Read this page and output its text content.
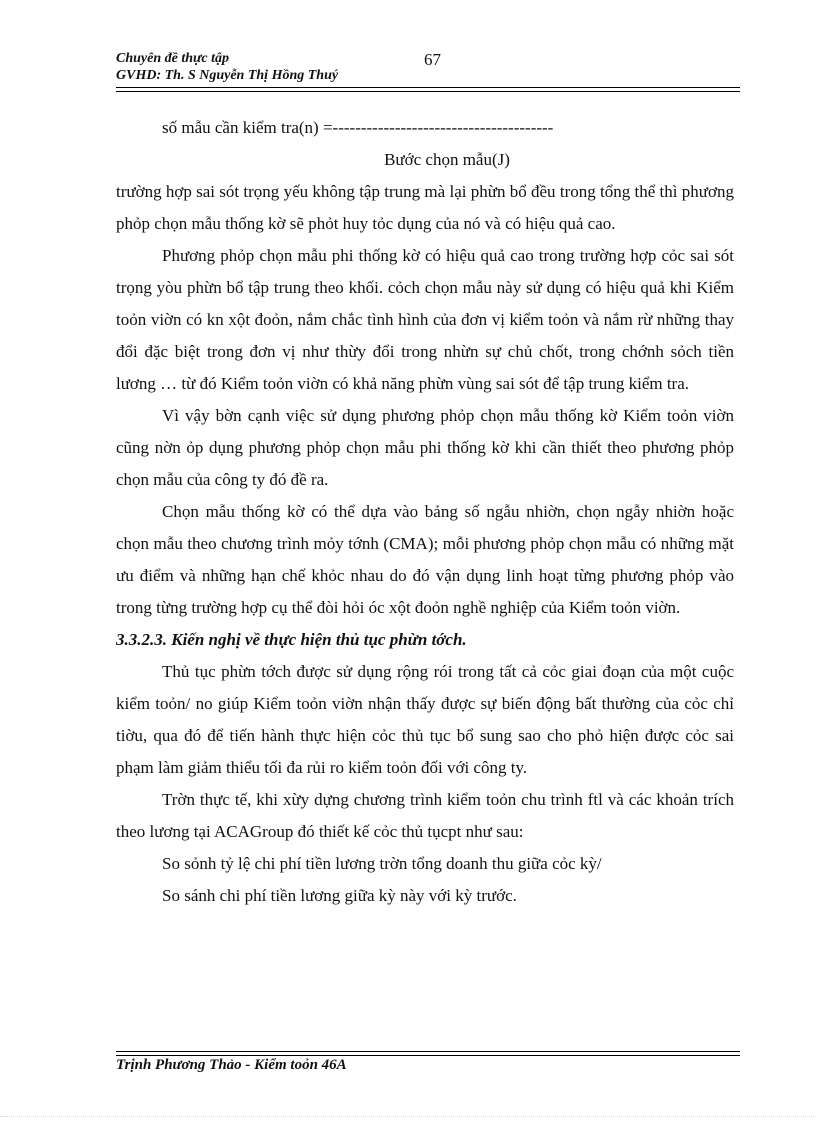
Chuyên đề thực tập
GVHD: Th. S Nguyễn Thị Hồng Thuý
67

số mẫu cần kiểm tra(n) =---------------------------------------

Bước chọn mẫu(J)

trường hợp sai sót trọng yếu không tập trung mà lại phừn bổ đều trong tổng thể thì phương phỏp chọn mẫu thống kờ sẽ phỏt huy tỏc dụng của nó và có hiệu quả cao.

Phương phỏp chọn mẫu phi thống kờ có hiệu quả cao trong trường hợp cỏc sai sót trọng yòu phừn bổ tập trung theo khối. cỏch chọn mẫu này sử dụng có hiệu quả khi Kiểm toỏn viờn có kn xột đoỏn, nắm chắc tình hình của đơn vị kiểm toỏn và nắm rừ những thay đổi đặc biệt trong đơn vị như thừy đổi trong nhừn sự chủ chốt, trong chớnh sỏch tiền lương … từ đó Kiểm toỏn viờn có khả năng phừn vùng sai sót để tập trung kiểm tra.

Vì vậy bờn cạnh việc sử dụng phương phỏp chọn mẫu thống kờ Kiểm toỏn viờn cũng nờn ỏp dụng phương phỏp chọn mẫu phi thống kờ khi cần thiết theo phương phỏp chọn mẫu của công ty đó đề ra.

Chọn mẫu thống kờ có thể dựa vào bảng số ngẫu nhiờn, chọn ngẫy nhiờn hoặc chọn mẫu theo chương trình mỏy tớnh (CMA); mỗi phương phỏp chọn mẫu có những mặt ưu điểm và những hạn chế khỏc nhau do đó vận dụng linh hoạt từng phương phỏp vào trong từng trường hợp cụ thể đòi hỏi óc xột đoỏn nghề nghiệp của Kiểm toỏn viờn.

3.3.2.3. Kiến nghị về thực hiện thủ tục phừn tớch.

Thủ tục phừn tớch được sử dụng rộng rói trong tất cả cỏc giai đoạn của một cuộc kiểm toỏn/ no giúp Kiểm toỏn viờn nhận thấy được sự biến động bất thường của cỏc chỉ tiờu, qua đó để tiến hành thực hiện cỏc thủ tục bổ sung sao cho phỏ hiện được cỏc sai phạm làm giảm thiểu tối đa rủi ro kiểm toỏn đối với công ty.

Trờn thực tế, khi xừy dựng chương trình kiểm toỏn chu trình ftl và các khoản trích theo lương tại ACAGroup đó thiết kế cỏc thủ tụcpt như sau:

So sỏnh tỷ lệ chi phí tiền lương trờn tổng doanh thu giữa cỏc kỳ/

So sánh chi phí tiền lương giữa kỳ này với kỳ trước.

Trịnh Phương Thảo - Kiểm toỏn 46A
